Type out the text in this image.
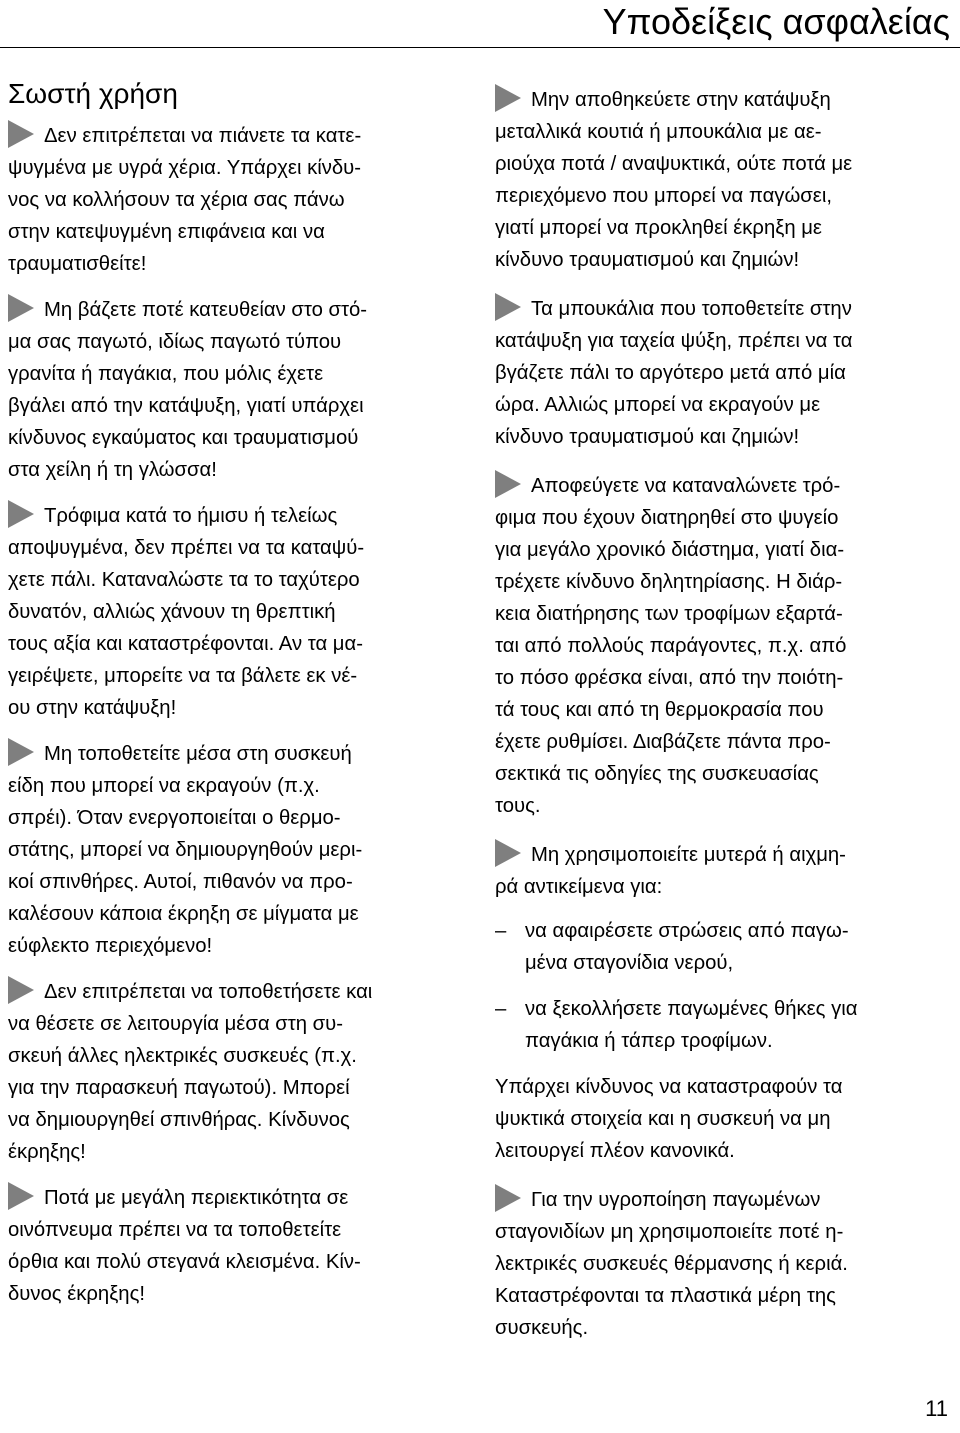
Υποδείξεις ασφαλείας
Σωστή χρήση
Δεν επιτρέπεται να πιάνετε τα κατε-
ψυγμένα με υγρά χέρια. Υπάρχει κίνδυ-
νος να κολλήσουν τα χέρια σας πάνω
στην κατεψυγμένη επιφάνεια και να
τραυματισθείτε!
Μη βάζετε ποτέ κατευθείαν στο στό-
μα σας παγωτό, ιδίως παγωτό τύπου
γρανίτα ή παγάκια, που μόλις έχετε
βγάλει από την κατάψυξη, γιατί υπάρχει
κίνδυνος εγκαύματος και τραυματισμού
στα χείλη ή τη γλώσσα!
Τρόφιμα κατά το ήμισυ ή τελείως
αποψυγμένα, δεν πρέπει να τα καταψύ-
χετε πάλι. Καταναλώστε τα το ταχύτερο
δυνατόν, αλλιώς χάνουν τη θρεπτική
τους αξία και καταστρέφονται. Αν τα μα-
γειρέψετε, μπορείτε να τα βάλετε εκ νέ-
ου στην κατάψυξη!
Μη τοποθετείτε μέσα στη συσκευή
είδη που μπορεί να εκραγούν (π.χ.
σπρέι). Όταν ενεργοποιείται ο θερμο-
στάτης, μπορεί να δημιουργηθούν μερι-
κοί σπινθήρες. Αυτοί, πιθανόν να προ-
καλέσουν κάποια έκρηξη σε μίγματα με
εύφλεκτο περιεχόμενο!
Δεν επιτρέπεται να τοποθετήσετε και
να θέσετε σε λειτουργία μέσα στη συ-
σκευή άλλες ηλεκτρικές συσκευές (π.χ.
για την παρασκευή παγωτού). Μπορεί
να δημιουργηθεί σπινθήρας. Κίνδυνος
έκρηξης!
Ποτά με μεγάλη περιεκτικότητα σε
οινόπνευμα πρέπει να τα τοποθετείτε
όρθια και πολύ στεγανά κλεισμένα. Κίν-
δυνος έκρηξης!
Μην αποθηκεύετε στην κατάψυξη
μεταλλικά κουτιά ή μπουκάλια με αε-
ριούχα ποτά / αναψυκτικά, ούτε ποτά με
περιεχόμενο που μπορεί να παγώσει,
γιατί μπορεί να προκληθεί έκρηξη με
κίνδυνο τραυματισμού και ζημιών!
Τα μπουκάλια που τοποθετείτε στην
κατάψυξη για ταχεία ψύξη, πρέπει να τα
βγάζετε πάλι το αργότερο μετά από μία
ώρα. Αλλιώς μπορεί να εκραγούν με
κίνδυνο τραυματισμού και ζημιών!
Αποφεύγετε να καταναλώνετε τρό-
φιμα που έχουν διατηρηθεί στο ψυγείο
για μεγάλο χρονικό διάστημα, γιατί δια-
τρέχετε κίνδυνο δηλητηρίασης. Η διάρ-
κεια διατήρησης των τροφίμων εξαρτά-
ται από πολλούς παράγοντες, π.χ. από
το πόσο φρέσκα είναι, από την ποιότη-
τά τους και από τη θερμοκρασία που
έχετε ρυθμίσει. Διαβάζετε πάντα προ-
σεκτικά τις οδηγίες της συσκευασίας
τους.
Μη χρησιμοποιείτε μυτερά ή αιχμη-
ρά αντικείμενα για:
– να αφαιρέσετε στρώσεις από παγω-
μένα σταγονίδια νερού,
– να ξεκολλήσετε παγωμένες θήκες για
παγάκια ή τάπερ τροφίμων.
Υπάρχει κίνδυνος να καταστραφούν τα
ψυκτικά στοιχεία και η συσκευή να μη
λειτουργεί πλέον κανονικά.
Για την υγροποίηση παγωμένων
σταγονιδίων μη χρησιμοποιείτε ποτέ η-
λεκτρικές συσκευές θέρμανσης ή κεριά.
Καταστρέφονται τα πλαστικά μέρη της
συσκευής.
11
